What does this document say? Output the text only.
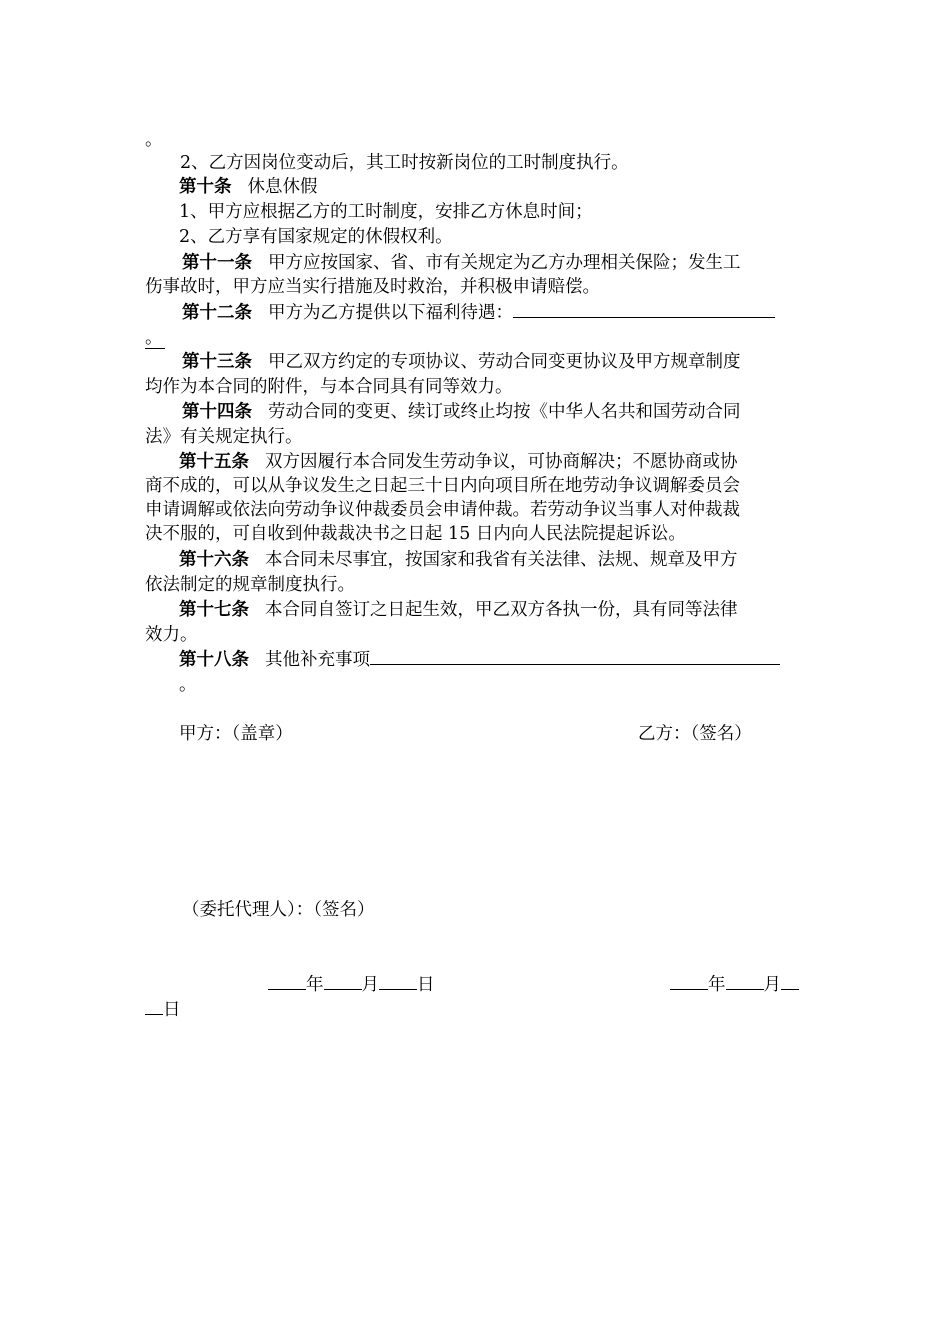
。
2、乙方因岗位变动后，其工时按新岗位的工时制度执行。
第十条 休息休假
1、甲方应根据乙方的工时制度，安排乙方休息时间；
2、乙方享有国家规定的休假权利。
第十一条 甲方应按国家、省、市有关规定为乙方办理相关保险；发生工
伤事故时，甲方应当实行措施及时救治，并积极申请赔偿。
第十二条 甲方为乙方提供以下福利待遇：
。
第十三条 甲乙双方约定的专项协议、劳动合同变更协议及甲方规章制度
均作为本合同的附件，与本合同具有同等效力。
第十四条 劳动合同的变更、续订或终止均按《中华人名共和国劳动合同
法》有关规定执行。
第十五条 双方因履行本合同发生劳动争议，可协商解决；不愿协商或协
商不成的，可以从争议发生之日起三十日内向项目所在地劳动争议调解委员会
申请调解或依法向劳动争议仲裁委员会申请仲裁。若劳动争议当事人对仲裁裁
决不服的，可自收到仲裁裁决书之日起 15 日内向人民法院提起诉讼。
第十六条 本合同未尽事宜，按国家和我省有关法律、法规、规章及甲方
依法制定的规章制度执行。
第十七条 本合同自签订之日起生效，甲乙双方各执一份，具有同等法律
效力。
第十八条 其他补充事项
。
甲方：（盖章）	乙方：（签名）
（委托代理人）：（签名）
年 月 日	年 月
日
